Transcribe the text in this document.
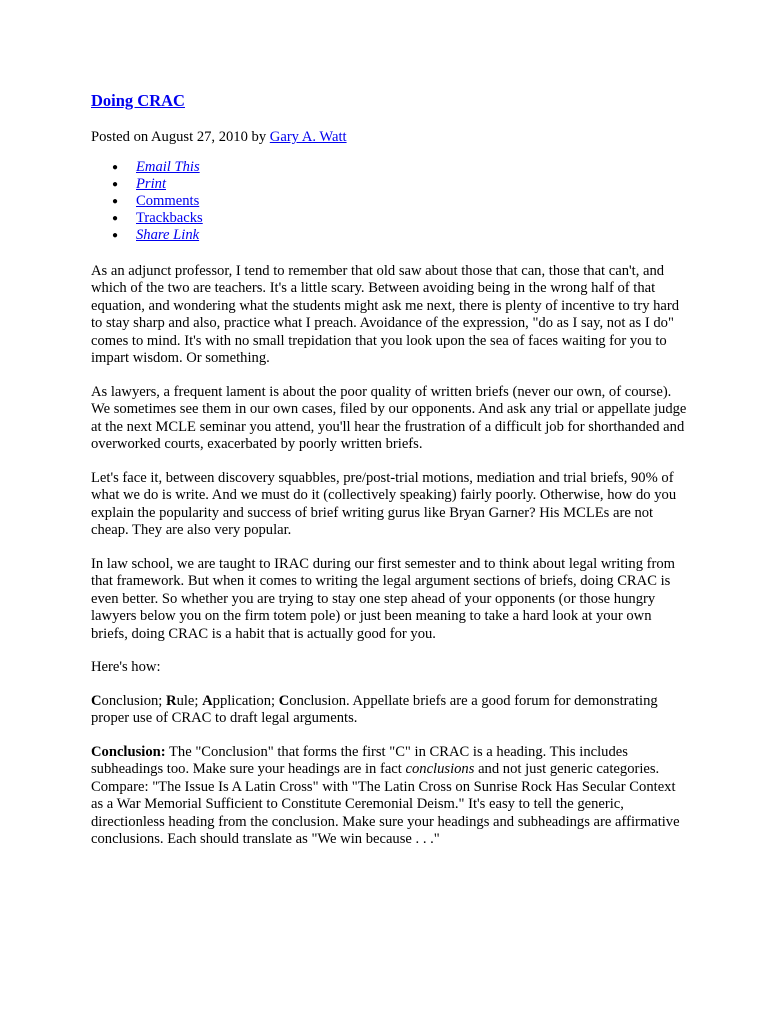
Doing CRAC
Posted on August 27, 2010 by Gary A. Watt
● Email This
● Print
● Comments
● Trackbacks
● Share Link

As an adjunct professor, I tend to remember that old saw about those that can, those that can't, and which of the two are teachers. It's a little scary. Between avoiding being in the wrong half of that equation, and wondering what the students might ask me next, there is plenty of incentive to try hard to stay sharp and also, practice what I preach. Avoidance of the expression, "do as I say, not as I do" comes to mind. It's with no small trepidation that you look upon the sea of faces waiting for you to impart wisdom. Or something.

As lawyers, a frequent lament is about the poor quality of written briefs (never our own, of course). We sometimes see them in our own cases, filed by our opponents. And ask any trial or appellate judge at the next MCLE seminar you attend, you'll hear the frustration of a difficult job for shorthanded and overworked courts, exacerbated by poorly written briefs.

Let's face it, between discovery squabbles, pre/post-trial motions, mediation and trial briefs, 90% of what we do is write. And we must do it (collectively speaking) fairly poorly. Otherwise, how do you explain the popularity and success of brief writing gurus like Bryan Garner? His MCLEs are not cheap. They are also very popular.

In law school, we are taught to IRAC during our first semester and to think about legal writing from that framework. But when it comes to writing the legal argument sections of briefs, doing CRAC is even better. So whether you are trying to stay one step ahead of your opponents (or those hungry lawyers below you on the firm totem pole) or just been meaning to take a hard look at your own briefs, doing CRAC is a habit that is actually good for you.

Here's how:

Conclusion; Rule; Application; Conclusion. Appellate briefs are a good forum for demonstrating proper use of CRAC to draft legal arguments.

Conclusion: The "Conclusion" that forms the first "C" in CRAC is a heading. This includes subheadings too. Make sure your headings are in fact conclusions and not just generic categories. Compare: "The Issue Is A Latin Cross" with "The Latin Cross on Sunrise Rock Has Secular Context as a War Memorial Sufficient to Constitute Ceremonial Deism." It's easy to tell the generic, directionless heading from the conclusion. Make sure your headings and subheadings are affirmative conclusions. Each should translate as "We win because . . ."
